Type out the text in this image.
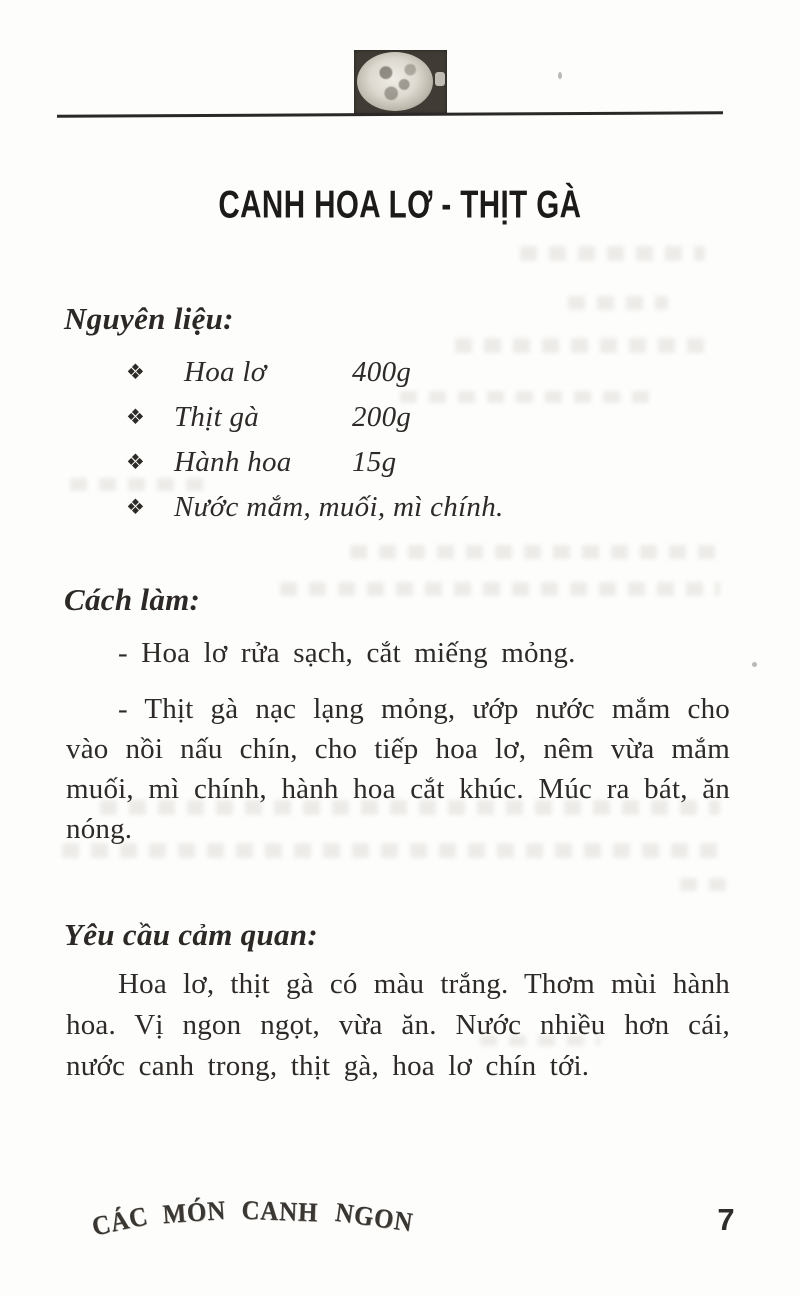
CANH HOA LƠ - THỊT GÀ
Nguyên liệu:
❖ Hoa lơ	400g
❖ Thịt gà	200g
❖ Hành hoa 15g
❖ Nước mắm, muối, mì chính.
Cách làm:

- Hoa lơ rửa sạch, cắt miếng mỏng.

- Thịt gà nạc lạng mỏng, ướp nước mắm cho vào nồi nấu chín, cho tiếp hoa lơ, nêm vừa mắm muối, mì chính, hành hoa cắt khúc. Múc ra bát, ăn nóng.

Yêu cầu cảm quan:

Hoa lơ, thịt gà có màu trắng. Thơm mùi hành hoa. Vị ngon ngọt, vừa ăn. Nước nhiều hơn cái, nước canh trong, thịt gà, hoa lơ chín tới.

CÁC MÓN CANH NGON	7
